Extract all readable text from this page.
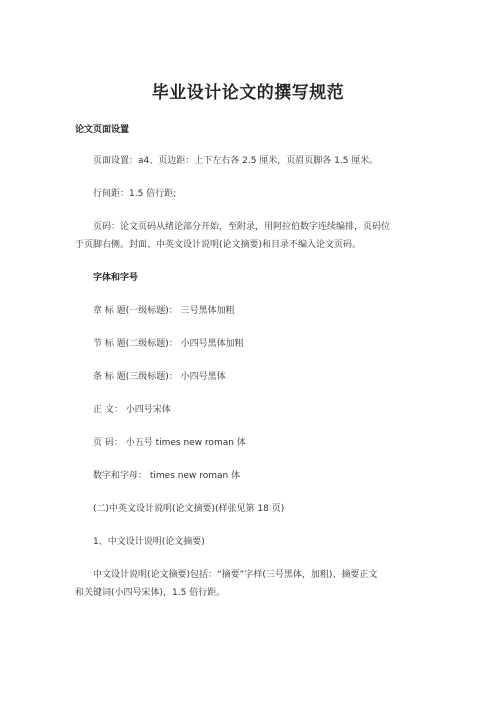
毕业设计论文的撰写规范
论文页面设置
页面设置：a4、页边距：上下左右各 2.5 厘米，页眉页脚各 1.5 厘米。
行间距：1.5 倍行距;
页码：论文页码从绪论部分开始，至附录，用阿拉伯数字连续编排，页码位
于页脚右侧。封面、中英文设计说明(论文摘要)和目录不编入论文页码。
字体和字号
章 标 题(一级标题)： 三号黑体加粗
节 标 题(二级标题)： 小四号黑体加粗
条 标 题(三级标题)： 小四号黑体
正 文： 小四号宋体
页 码： 小五号 times new roman 体
数字和字母： times new roman 体
(二)中英文设计说明(论文摘要)(样张见第 18 页)
1、中文设计说明(论文摘要)
中文设计说明(论文摘要)包括：“摘要”字样(三号黑体，加粗)、摘要正文
和关键词(小四号宋体)，1.5 倍行距。
